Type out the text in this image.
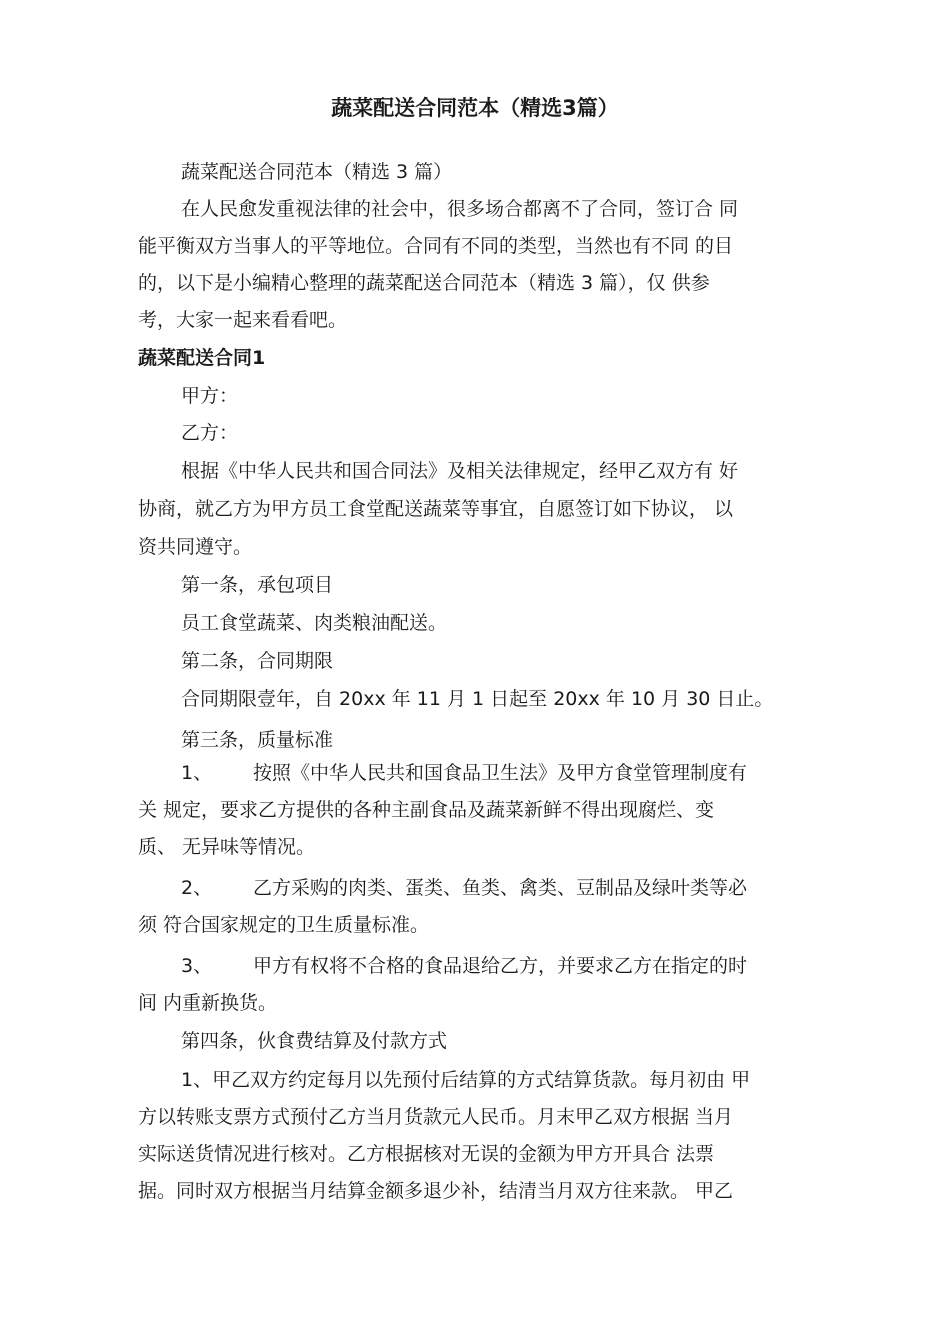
蔬菜配送合同范本（精选3篇）
蔬菜配送合同范本（精选 3 篇）
在人民愈发重视法律的社会中，很多场合都离不了合同，签订合 同
能平衡双方当事人的平等地位。合同有不同的类型，当然也有不同 的目
的，以下是小编精心整理的蔬菜配送合同范本（精选 3 篇），仅 供参
考，大家一起来看看吧。
蔬菜配送合同1
甲方：
乙方：
根据《中华人民共和国合同法》及相关法律规定，经甲乙双方有 好
协商，就乙方为甲方员工食堂配送蔬菜等事宜，自愿签订如下协议， 以
资共同遵守。
第一条，承包项目
员工食堂蔬菜、肉类粮油配送。
第二条，合同期限
合同期限壹年，自 20xx 年 11 月 1 日起至 20xx 年 10 月 30 日止。
第三条，质量标准
1、 按照《中华人民共和国食品卫生法》及甲方食堂管理制度有
关 规定，要求乙方提供的各种主副食品及蔬菜新鲜不得出现腐烂、变
质、 无异味等情况。
2、 乙方采购的肉类、蛋类、鱼类、禽类、豆制品及绿叶类等必
须 符合国家规定的卫生质量标准。
3、 甲方有权将不合格的食品退给乙方，并要求乙方在指定的时
间 内重新换货。
第四条，伙食费结算及付款方式
1、甲乙双方约定每月以先预付后结算的方式结算货款。每月初由 甲
方以转账支票方式预付乙方当月货款元人民币。月末甲乙双方根据 当月
实际送货情况进行核对。乙方根据核对无误的金额为甲方开具合 法票
据。同时双方根据当月结算金额多退少补，结清当月双方往来款。 甲乙
